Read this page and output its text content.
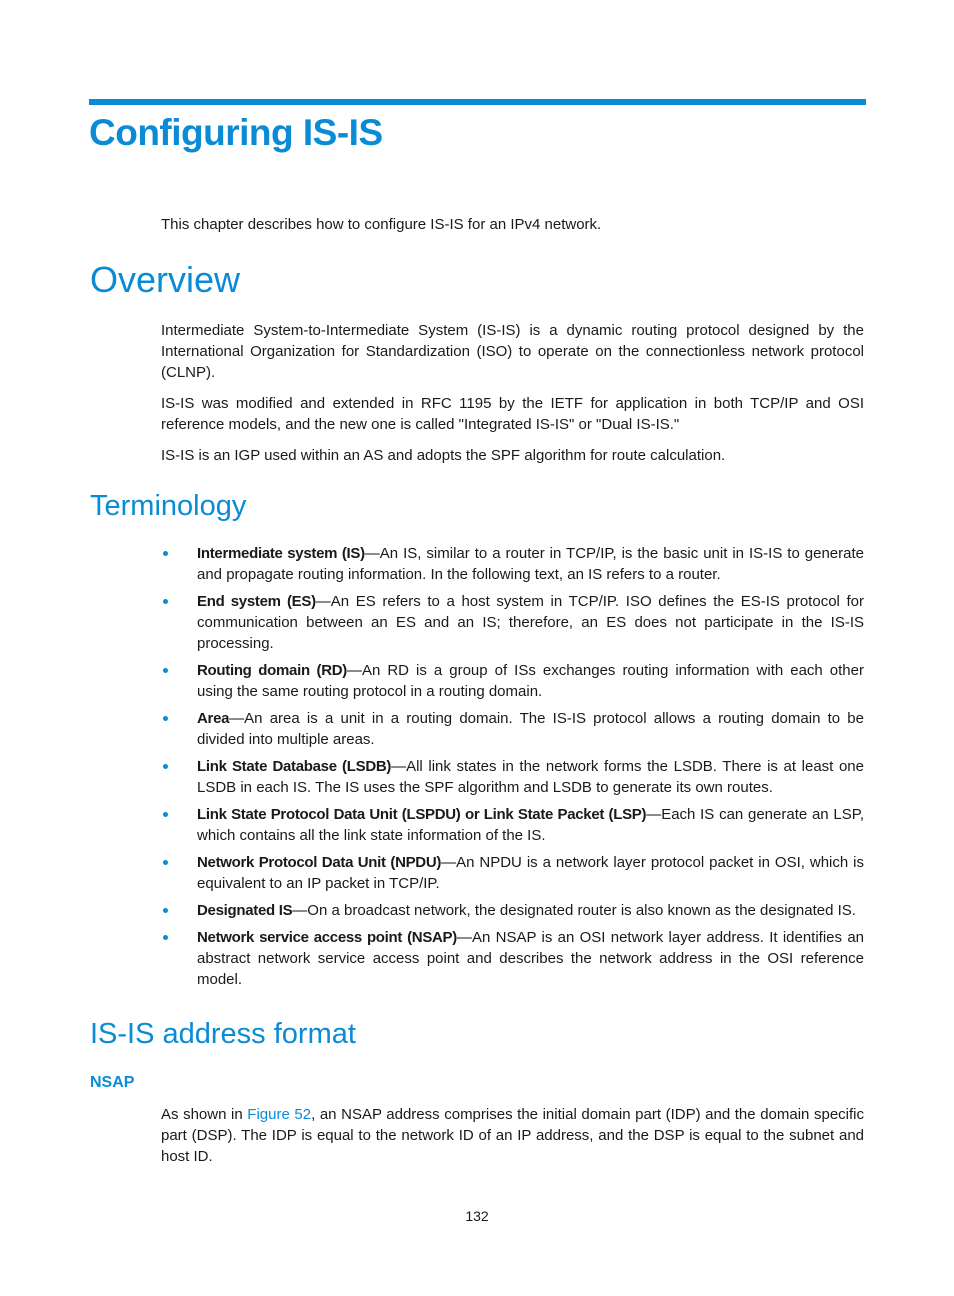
Configuring IS-IS

This chapter describes how to configure IS-IS for an IPv4 network.

Overview

Intermediate System-to-Intermediate System (IS-IS) is a dynamic routing protocol designed by the International Organization for Standardization (ISO) to operate on the connectionless network protocol (CLNP).

IS-IS was modified and extended in RFC 1195 by the IETF for application in both TCP/IP and OSI reference models, and the new one is called "Integrated IS-IS" or "Dual IS-IS."

IS-IS is an IGP used within an AS and adopts the SPF algorithm for route calculation.

Terminology
Intermediate system (IS)—An IS, similar to a router in TCP/IP, is the basic unit in IS-IS to generate and propagate routing information. In the following text, an IS refers to a router.
End system (ES)—An ES refers to a host system in TCP/IP. ISO defines the ES-IS protocol for communication between an ES and an IS; therefore, an ES does not participate in the IS-IS processing.
Routing domain (RD)—An RD is a group of ISs exchanges routing information with each other using the same routing protocol in a routing domain.
Area—An area is a unit in a routing domain. The IS-IS protocol allows a routing domain to be divided into multiple areas.
Link State Database (LSDB)—All link states in the network forms the LSDB. There is at least one LSDB in each IS. The IS uses the SPF algorithm and LSDB to generate its own routes.
Link State Protocol Data Unit (LSPDU) or Link State Packet (LSP)—Each IS can generate an LSP, which contains all the link state information of the IS.
Network Protocol Data Unit (NPDU)—An NPDU is a network layer protocol packet in OSI, which is equivalent to an IP packet in TCP/IP.
Designated IS—On a broadcast network, the designated router is also known as the designated IS.
Network service access point (NSAP)—An NSAP is an OSI network layer address. It identifies an abstract network service access point and describes the network address in the OSI reference model.
IS-IS address format
NSAP

As shown in Figure 52, an NSAP address comprises the initial domain part (IDP) and the domain specific part (DSP). The IDP is equal to the network ID of an IP address, and the DSP is equal to the subnet and host ID.

132
